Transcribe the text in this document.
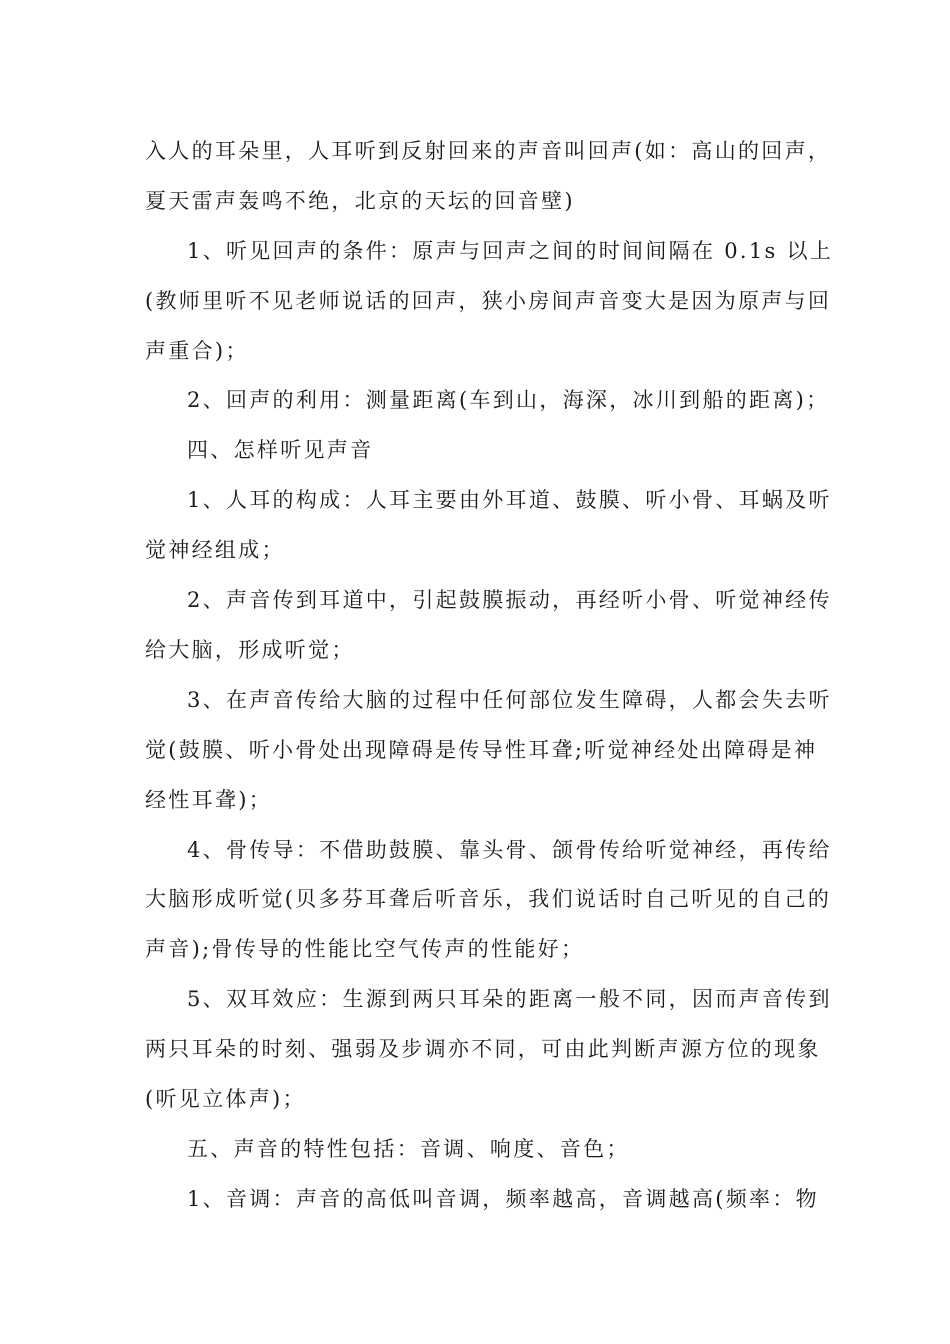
入人的耳朵里，人耳听到反射回来的声音叫回声(如：高山的回声，
夏天雷声轰鸣不绝，北京的天坛的回音壁)
1、听见回声的条件：原声与回声之间的时间间隔在 0.1s 以上
(教师里听不见老师说话的回声，狭小房间声音变大是因为原声与回
声重合)；
2、回声的利用：测量距离(车到山，海深，冰川到船的距离)；
四、怎样听见声音
1、人耳的构成：人耳主要由外耳道、鼓膜、听小骨、耳蜗及听
觉神经组成；
2、声音传到耳道中，引起鼓膜振动，再经听小骨、听觉神经传
给大脑，形成听觉；
3、在声音传给大脑的过程中任何部位发生障碍，人都会失去听
觉(鼓膜、听小骨处出现障碍是传导性耳聋;听觉神经处出障碍是神
经性耳聋)；
4、骨传导：不借助鼓膜、靠头骨、颌骨传给听觉神经，再传给
大脑形成听觉(贝多芬耳聋后听音乐，我们说话时自己听见的自己的
声音);骨传导的性能比空气传声的性能好；
5、双耳效应：生源到两只耳朵的距离一般不同，因而声音传到
两只耳朵的时刻、强弱及步调亦不同，可由此判断声源方位的现象
(听见立体声)；
五、声音的特性包括：音调、响度、音色；
1、音调：声音的高低叫音调，频率越高，音调越高(频率：物
